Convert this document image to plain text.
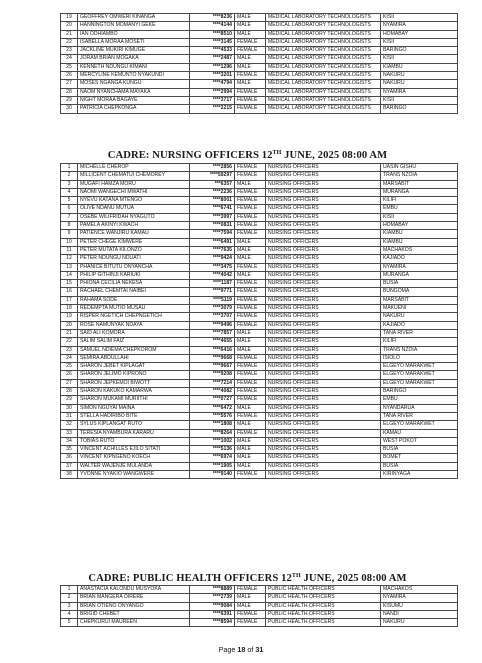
19	GEOFFREY OMWERI KINANGA	****8236	MALE	MEDICAL LABORATORY TECHNOLOGISTS	KISII
20	HANNINGTON MOMANYI GEKE	****4144	MALE	MEDICAL LABORATORY TECHNOLOGISTS	NYAMIRA
21	IAN ODHIAMBO	****8510	MALE	MEDICAL LABORATORY TECHNOLOGISTS	HOMABAY
22	ISABELLA MORAA MOSETI	****3145	FEMALE	MEDICAL LABORATORY TECHNOLOGISTS	KISII
23	JACKLINE MUKIRI KIMUGE	****4533	FEMALE	MEDICAL LABORATORY TECHNOLOGISTS	BARINGO
24	JORAM BRIAN MOGAKA	****2487	MALE	MEDICAL LABORATORY TECHNOLOGISTS	KISII
25	KENNETH NDUNGU KIMANI	****1296	MALE	MEDICAL LABORATORY TECHNOLOGISTS	KIAMBU
26	MERCYLINE KEMUNTO NYAKUNDI	****3201	FEMALE	MEDICAL LABORATORY TECHNOLOGISTS	NAKURU
27	MOSES NGANGA KUNGU	****4794	MALE	MEDICAL LABORATORY TECHNOLOGISTS	NAKURU
28	NAOM NYANCHAMA MAYAKA	****2994	FEMALE	MEDICAL LABORATORY TECHNOLOGISTS	NYAMIRA
29	NIGHT MORAA BAGAYE	****3717	FEMALE	MEDICAL LABORATORY TECHNOLOGISTS	KISII
30	PATRICIA CHEPKONGA	****2215	FEMALE	MEDICAL LABORATORY TECHNOLOGISTS	BARINGO
CADRE: NURSING OFFICERS 12TH JUNE, 2025 08:00 AM
1	MICHELLE CHEROP	****2856	FEMALE	NURSING OFFICERS	UASIN GISHU
2	MILLICENT CHEMATUI CHEMOREY	****59297	FEMALE	NURSING OFFICERS	TRANS NZOIA
3	MUGAFI HAMZA MORU	***6357	MALE	NURSING OFFICERS	MARSABIT
4	NAOMI WANGECHI MWATHI	****2236	FEMALE	NURSING OFFICERS	MURANGA
5	NYEVU KATANA MTENGO	****8001	FEMALE	NURSING OFFICERS	KILIFI
6	OLIVE NDANU MUTUA	****6741	FEMALE	NURSING OFFICERS	EMBU
7	OSEBE WILIFRIDAH NYAGUTO	****3997	FEMALE	NURSING OFFICERS	KISII
8	PAMELA AKINYI KWACH	****0831	FEMALE	NURSING OFFICERS	HOMABAY
9	PATIENCE WANJIRU KAMAU	****7594	FEMALE	NURSING OFFICERS	KIAMBU
10	PETER CHEGE KIMWERE	****6491	MALE	NURSING OFFICERS	KIAMBU
11	PETER MUTATA KILONZO	****7635	MALE	NURSING OFFICERS	MACHAKOS
12	PETER NDUNGU NDUATI	****9424	MALE	NURSING OFFICERS	KAJIADO
13	PHANICE BITUTU ONYANCHA	****3475	FEMALE	NURSING OFFICERS	NYAMIRA
14	PHILIP GITHINJI KARIUKI	****4042	MALE	NURSING OFFICERS	MURANGA
15	PHIONA CECILIA NEKESA	****1187	FEMALE	NURSING OFFICERS	BUSIA
16	RACHAEL CHEMTAI NAIBEI	****9771	FEMALE	NURSING OFFICERS	BUNGOMA
17	RAHAMA SODE	****5119	FEMALE	NURSING OFFICERS	MARSABIT
18	REDEMPTA MUTIO MUSAU	****3079	FEMALE	NURSING OFFICERS	MAKUENI
19	RISPER NGETICH CHEPNGETICH	****3707	FEMALE	NURSING OFFICERS	NAKURU
20	ROSE NAMUNYAK NDAYA	****9496	FEMALE	NURSING OFFICERS	KAJIADO
21	SAID ALI KOMORA	****7857	MALE	NURSING OFFICERS	TANA RIVER
22	SALIM SALIM FAIZ	****4655	MALE	NURSING OFFICERS	KILIFI
23	SAMUEL NDIEMA CHEPKOROM	****6416	MALE	NURSING OFFICERS	TRANS NZOIA
24	SEMIRA ABDULLAHI	****9668	FEMALE	NURSING OFFICERS	ISIOLO
25	SHARON JEBET KIPLAGAT	****9667	FEMALE	NURSING OFFICERS	ELGEYO MARAKWET
26	SHARON JELIMO KIPRONO	****9208	FEMALE	NURSING OFFICERS	ELGEYO MARAKWET
27	SHARON JEPKEMOI BIWOTT	****7214	FEMALE	NURSING OFFICERS	ELGEYO MARAKWET
28	SHARON KAKUKO KAMARWA	****4082	FEMALE	NURSING OFFICERS	BARINGO
29	SHARON MUKAMI MURIITHI	****0727	FEMALE	NURSING OFFICERS	EMBU
30	SIMON NGUYAI MAINA	****6472	MALE	NURSING OFFICERS	NYANDARUA
31	STELLA HADIRIBO BITE	****5576	FEMALE	NURSING OFFICERS	TANA RIVER
32	SYLUS KIPLANGAT RUTO	****1808	MALE	NURSING OFFICERS	ELGEYO MARAKWET
33	TERESIA NYAMBURA KARARU	****8264	FEMALE	NURSING OFFICERS	KAMAU
34	TOBIAS RUTO	****1002	MALE	NURSING OFFICERS	WEST POKOT
35	VINCENT ACHILLES EJILO SITATI	****5136	MALE	NURSING OFFICERS	BUSIA
36	VINCENT KIPNGENO KOECH	****6974	MALE	NURSING OFFICERS	BOMET
37	WALTER WAJENJE MULANDA	****1905	MALE	NURSING OFFICERS	BUSIA
38	YVONNE NYAKIO WANGWERE	****9140	FEMALE	NURSING OFFICERS	KIRINYAGA
CADRE: PUBLIC HEALTH OFFICERS 12TH JUNE, 2025 08:00 AM
1	ANASTACIA KALONDU MUSYOKA	****8889	FEMALE	PUBLIC HEALTH OFFICERS	MACHAKOS
2	BRIAN MANGERA OIRERE	****2739	MALE	PUBLIC HEALTH OFFICERS	NYAMIRA
3	BRIAN OTIENO ONYANGO	****9084	MALE	PUBLIC HEALTH OFFICERS	KISUMU
4	BRIGID CHEBET	****6391	FEMALE	PUBLIC HEALTH OFFICERS	NANDI
5	CHEPKURUI MAUREEN	****8594	FEMALE	PUBLIC HEALTH OFFICERS	NAKURU
Page 18 of 31
